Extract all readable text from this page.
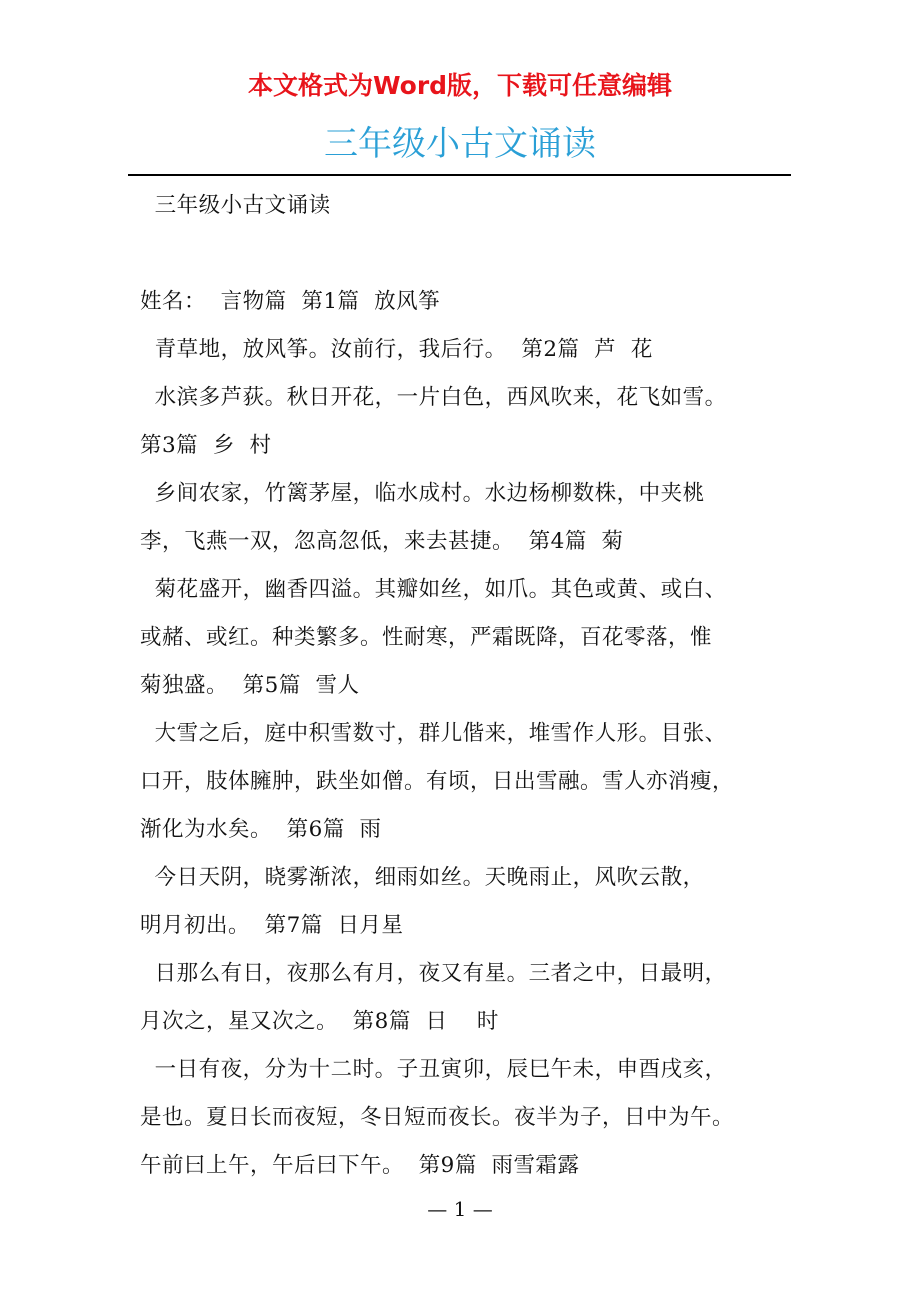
本文格式为Word版，下载可任意编辑
三年级小古文诵读
三年级小古文诵读
姓名：  言物篇  第1篇  放风筝
青草地，放风筝。汝前行，我后行。  第2篇  芦  花
水滨多芦荻。秋日开花，一片白色，西风吹来，花飞如雪。
第3篇  乡  村
乡间农家，竹篱茅屋，临水成村。水边杨柳数株，中夹桃
李，飞燕一双，忽高忽低，来去甚捷。  第4篇  菊
菊花盛开，幽香四溢。其瓣如丝，如爪。其色或黄、或白、
或赭、或红。种类繁多。性耐寒，严霜既降，百花零落，惟
菊独盛。  第5篇  雪人
大雪之后，庭中积雪数寸，群儿偕来，堆雪作人形。目张、
口开，肢体臃肿，趺坐如僧。有顷，日出雪融。雪人亦消瘦，
渐化为水矣。  第6篇  雨
今日天阴，晓雾渐浓，细雨如丝。天晚雨止，风吹云散，
明月初出。  第7篇  日月星
日那么有日，夜那么有月，夜又有星。三者之中，日最明，
月次之，星又次之。  第8篇  日    时
一日有夜，分为十二时。子丑寅卯，辰巳午未，申酉戌亥，
是也。夏日长而夜短，冬日短而夜长。夜半为子，日中为午。
午前曰上午，午后曰下午。  第9篇  雨雪霜露
— 1 —
